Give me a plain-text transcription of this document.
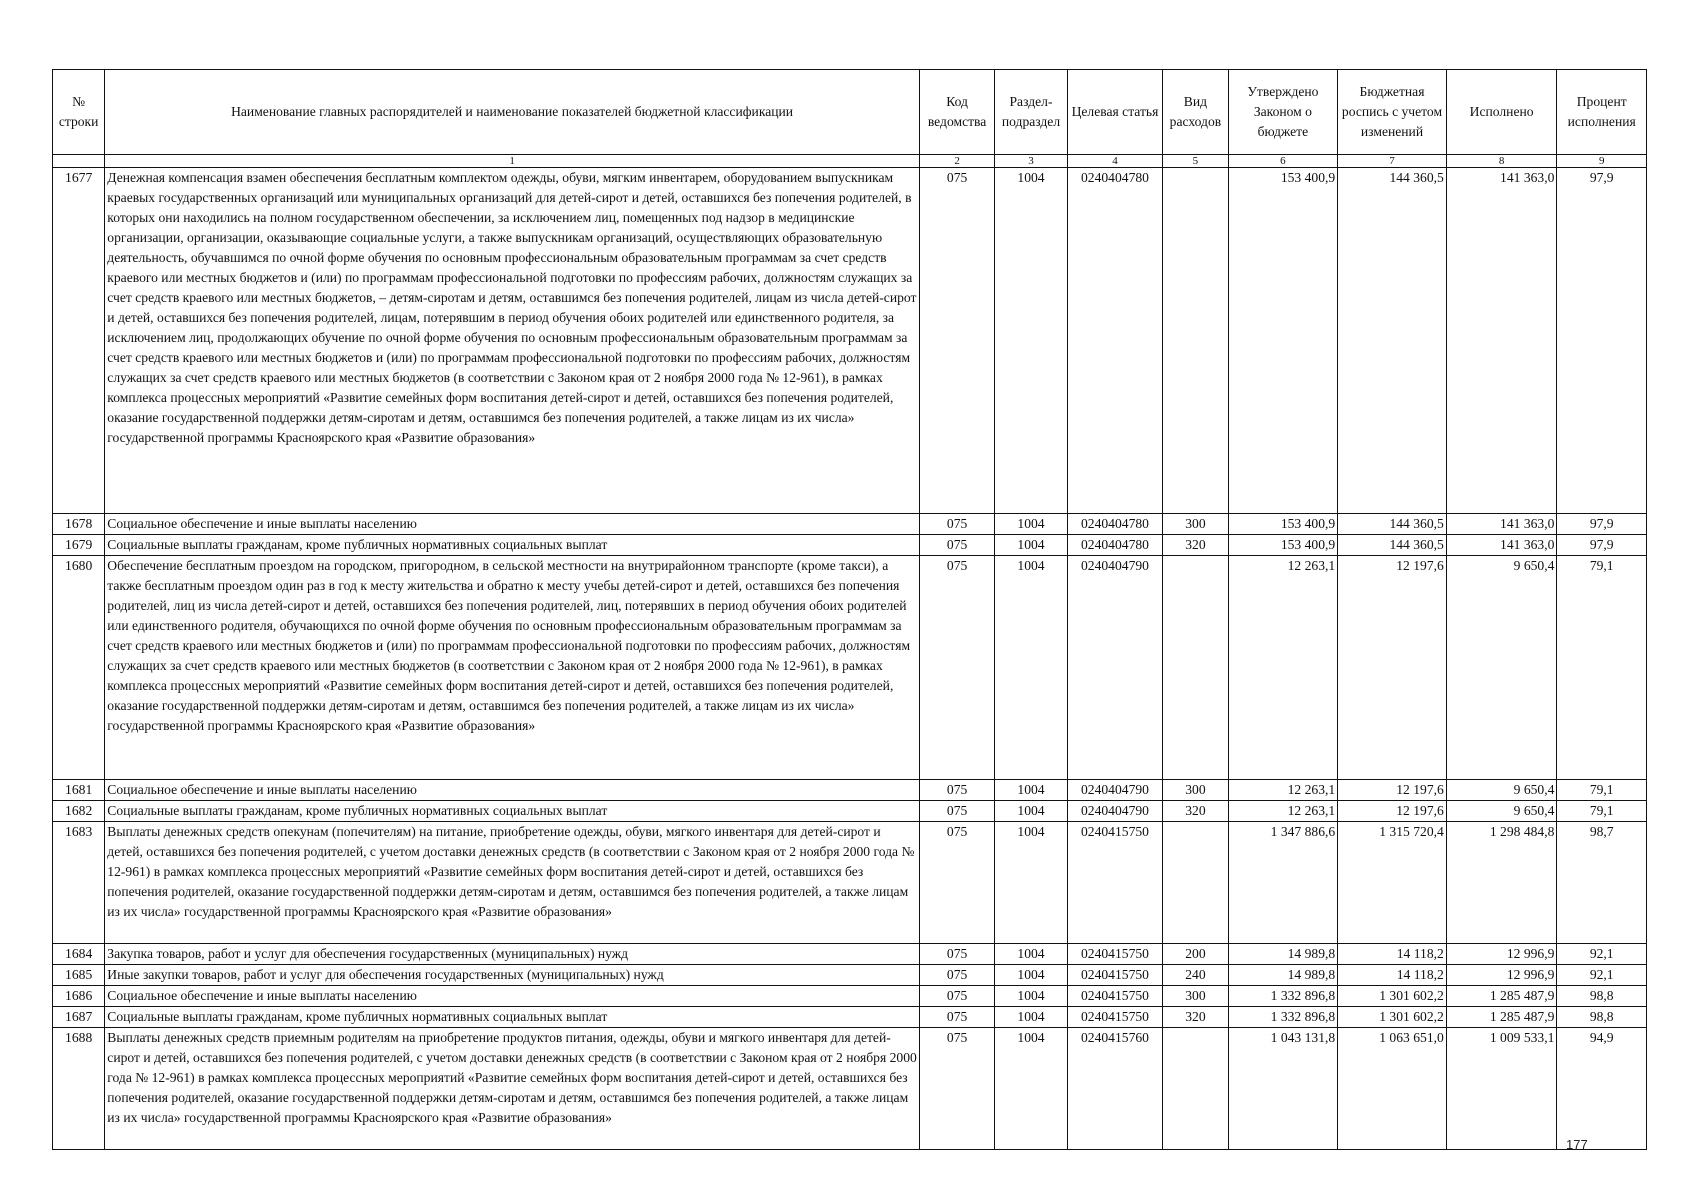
№ строки	Наименование главных распорядителей и наименование показателей бюджетной классификации	Код ведомства	Раздел-подраздел	Целевая статья	Вид расходов	Утверждено Законом о бюджете	Бюджетная роспись с учетом изменений	Исполнено	Процент исполнения
	1	2	3	4	5	6	7	8	9
1677	Денежная компенсация взамен обеспечения бесплатным комплектом одежды, обуви, мягким инвентарем, оборудованием выпускникам краевых государственных организаций или муниципальных организаций для детей-сирот и детей, оставшихся без попечения родителей, в которых они находились на полном государственном обеспечении, за исключением лиц, помещенных под надзор в медицинские организации, организации, оказывающие социальные услуги, а также выпускникам организаций, осуществляющих образовательную деятельность, обучавшимся по очной форме обучения по основным профессиональным образовательным программам за счет средств краевого или местных бюджетов и (или) по программам профессиональной подготовки по профессиям рабочих, должностям служащих за счет средств краевого или местных бюджетов, – детям-сиротам и детям, оставшимся без попечения родителей, лицам из числа детей-сирот и детей, оставшихся без попечения родителей, лицам, потерявшим в период обучения обоих родителей или единственного родителя, за исключением лиц, продолжающих обучение по очной форме обучения по основным профессиональным образовательным программам за счет средств краевого или местных бюджетов и (или) по программам профессиональной подготовки по профессиям рабочих, должностям служащих за счет средств краевого или местных бюджетов (в соответствии с Законом края от 2 ноября 2000 года № 12-961), в рамках комплекса процессных мероприятий «Развитие семейных форм воспитания детей-сирот и детей, оставшихся без попечения родителей, оказание государственной поддержки детям-сиротам и детям, оставшимся без попечения родителей, а также лицам из их числа» государственной программы Красноярского края «Развитие образования»	075	1004	0240404780		153 400,9	144 360,5	141 363,0	97,9
1678	Социальное обеспечение и иные выплаты населению	075	1004	0240404780	300	153 400,9	144 360,5	141 363,0	97,9
1679	Социальные выплаты гражданам, кроме публичных нормативных социальных выплат	075	1004	0240404780	320	153 400,9	144 360,5	141 363,0	97,9
1680	Обеспечение бесплатным проездом на городском, пригородном, в сельской местности на внутрирайонном транспорте (кроме такси), а также бесплатным проездом один раз в год к месту жительства и обратно к месту учебы детей-сирот и детей, оставшихся без попечения родителей, лиц из числа детей-сирот и детей, оставшихся без попечения родителей, лиц, потерявших в период обучения обоих родителей или единственного родителя, обучающихся по очной форме обучения по основным профессиональным образовательным программам за счет средств краевого или местных бюджетов и (или) по программам профессиональной подготовки по профессиям рабочих, должностям служащих за счет средств краевого или местных бюджетов (в соответствии с Законом края от 2 ноября 2000 года № 12-961), в рамках комплекса процессных мероприятий «Развитие семейных форм воспитания детей-сирот и детей, оставшихся без попечения родителей, оказание государственной поддержки детям-сиротам и детям, оставшимся без попечения родителей, а также лицам из их числа» государственной программы Красноярского края «Развитие образования»	075	1004	0240404790		12 263,1	12 197,6	9 650,4	79,1
1681	Социальное обеспечение и иные выплаты населению	075	1004	0240404790	300	12 263,1	12 197,6	9 650,4	79,1
1682	Социальные выплаты гражданам, кроме публичных нормативных социальных выплат	075	1004	0240404790	320	12 263,1	12 197,6	9 650,4	79,1
1683	Выплаты денежных средств опекунам (попечителям) на питание, приобретение одежды, обуви, мягкого инвентаря для детей-сирот и детей, оставшихся без попечения родителей, с учетом доставки денежных средств (в соответствии с Законом края от 2 ноября 2000 года № 12-961) в рамках комплекса процессных мероприятий «Развитие семейных форм воспитания детей-сирот и детей, оставшихся без попечения родителей, оказание государственной поддержки детям-сиротам и детям, оставшимся без попечения родителей, а также лицам из их числа» государственной программы Красноярского края «Развитие образования»	075	1004	0240415750		1 347 886,6	1 315 720,4	1 298 484,8	98,7
1684	Закупка товаров, работ и услуг для обеспечения государственных (муниципальных) нужд	075	1004	0240415750	200	14 989,8	14 118,2	12 996,9	92,1
1685	Иные закупки товаров, работ и услуг для обеспечения государственных (муниципальных) нужд	075	1004	0240415750	240	14 989,8	14 118,2	12 996,9	92,1
1686	Социальное обеспечение и иные выплаты населению	075	1004	0240415750	300	1 332 896,8	1 301 602,2	1 285 487,9	98,8
1687	Социальные выплаты гражданам, кроме публичных нормативных социальных выплат	075	1004	0240415750	320	1 332 896,8	1 301 602,2	1 285 487,9	98,8
1688	Выплаты денежных средств приемным родителям на приобретение продуктов питания, одежды, обуви и мягкого инвентаря для детей-сирот и детей, оставшихся без попечения родителей, с учетом доставки денежных средств (в соответствии с Законом края от 2 ноября 2000 года № 12-961) в рамках комплекса процессных мероприятий «Развитие семейных форм воспитания детей-сирот и детей, оставшихся без попечения родителей, оказание государственной поддержки детям-сиротам и детям, оставшимся без попечения родителей, а также лицам из их числа» государственной программы Красноярского края «Развитие образования»	075	1004	0240415760		1 043 131,8	1 063 651,0	1 009 533,1	94,9
177
